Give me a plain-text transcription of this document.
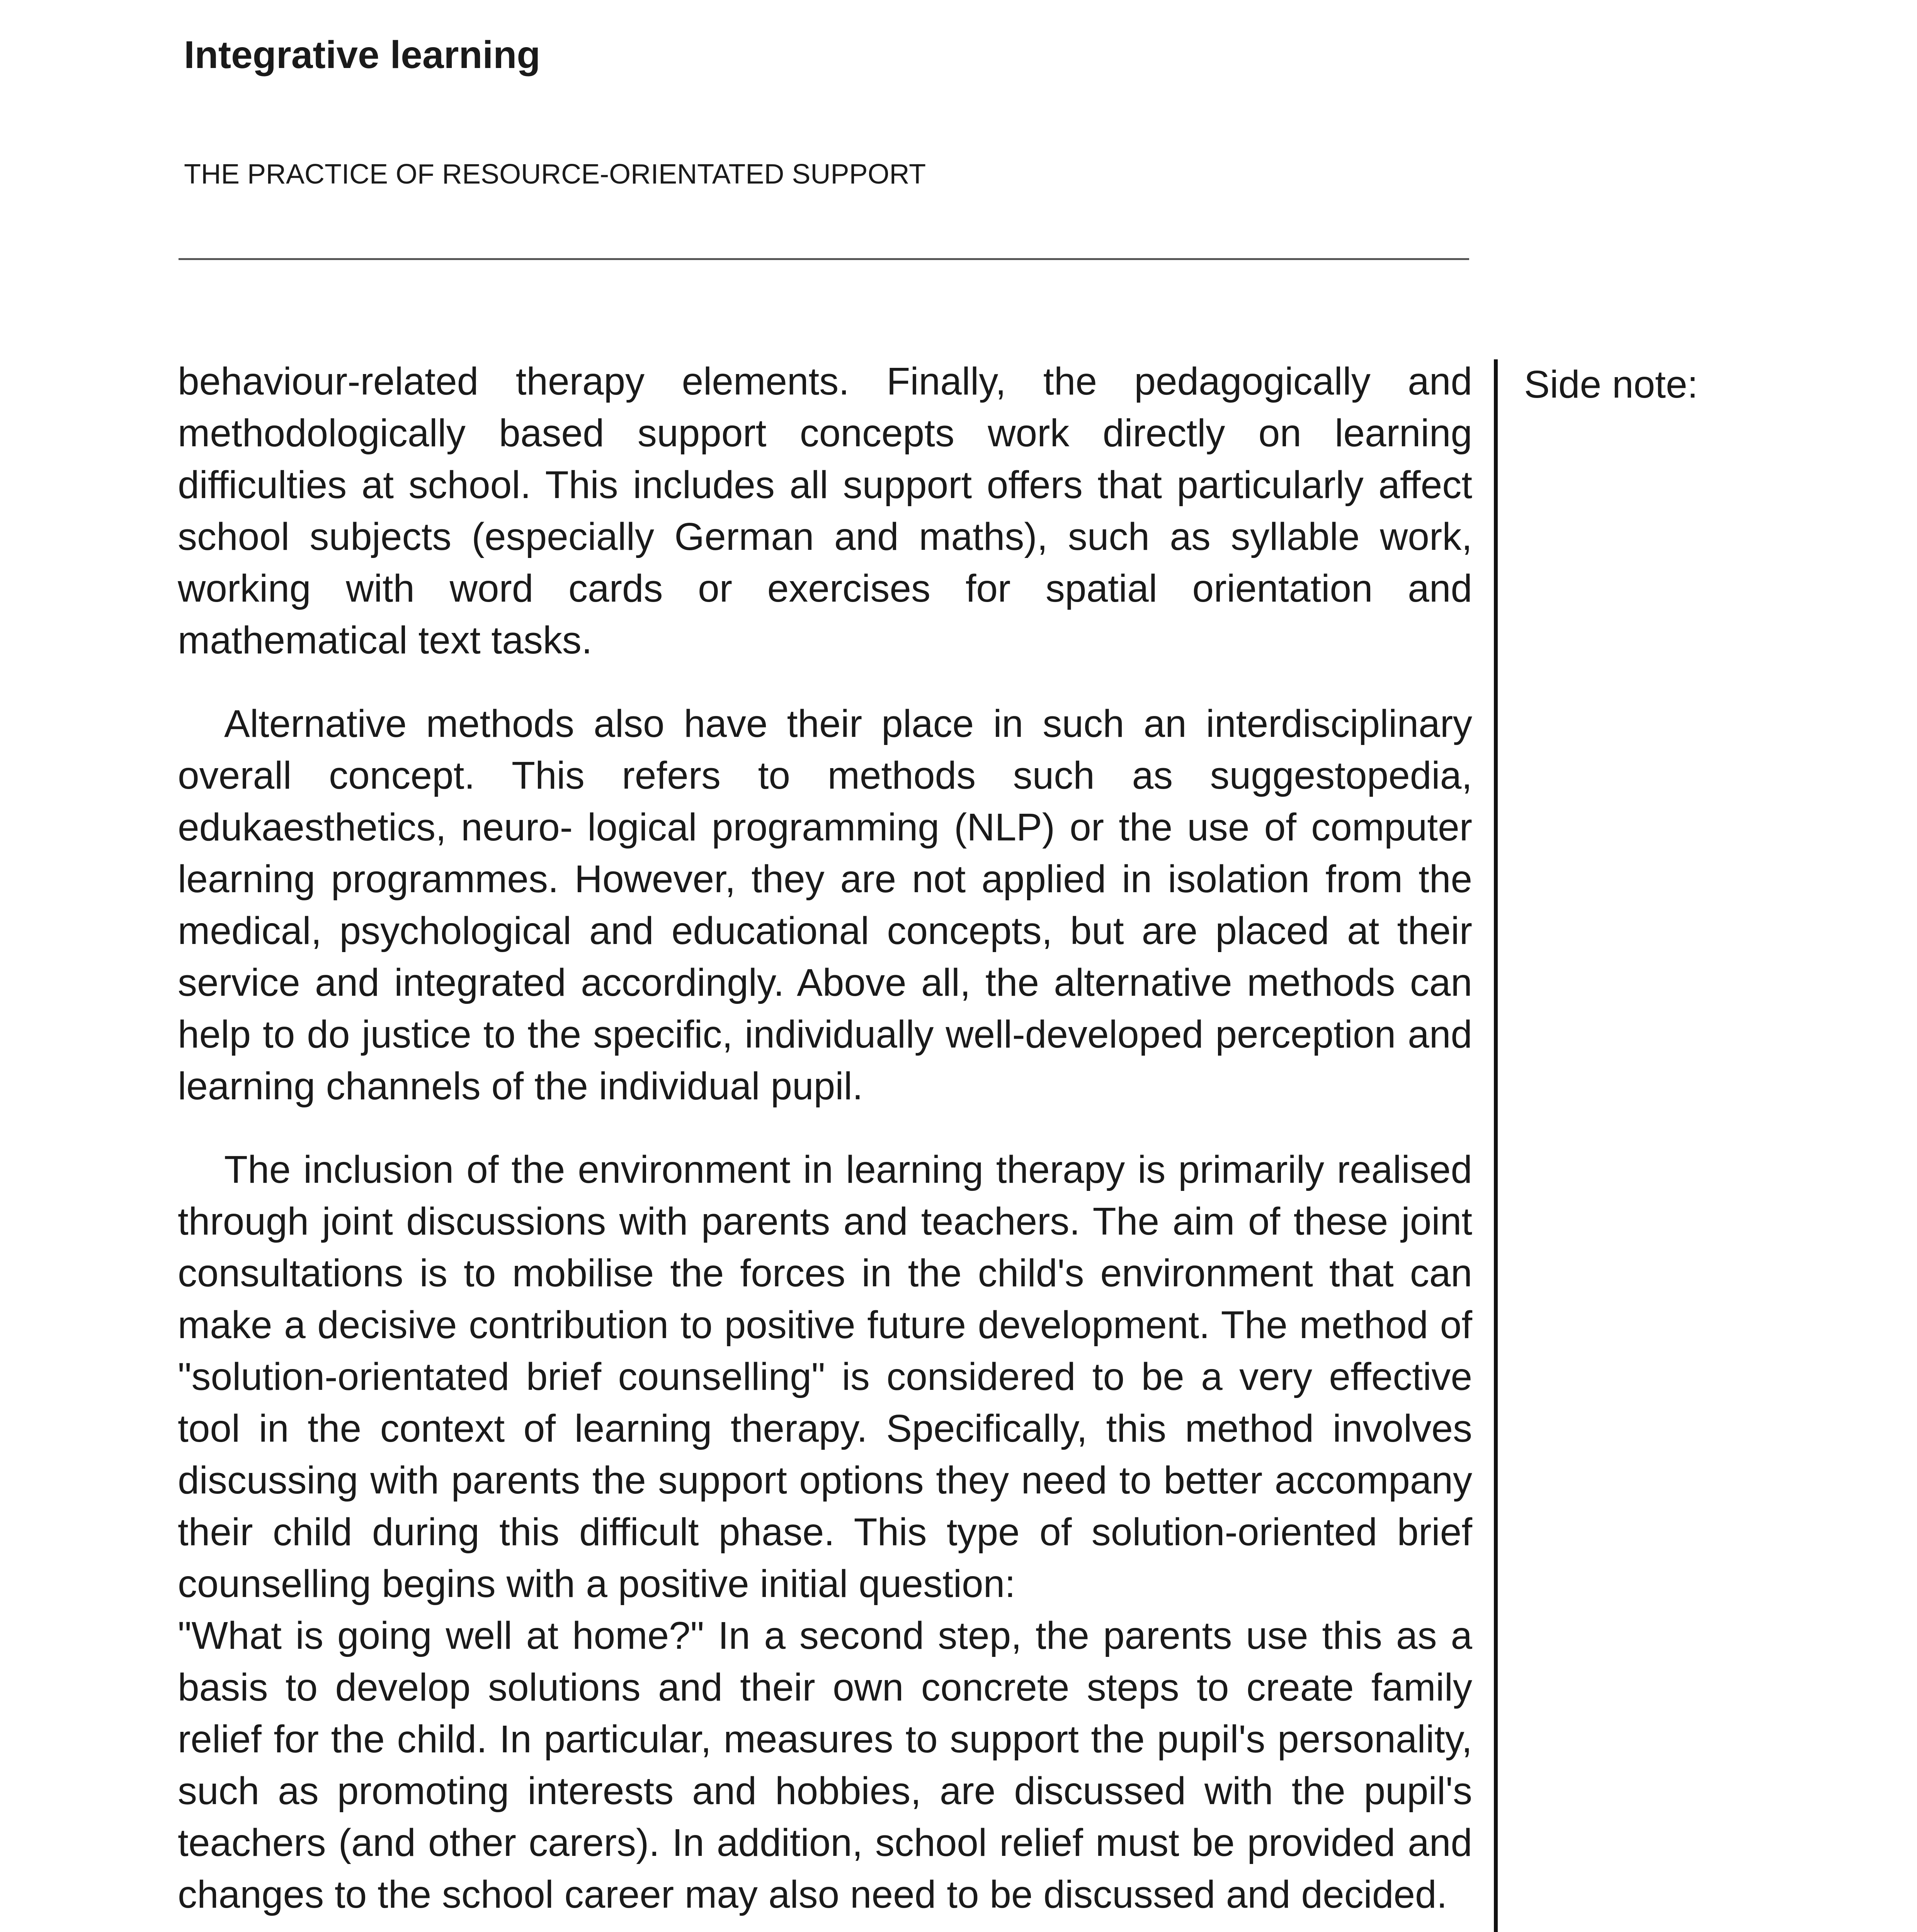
Integrative learning
THE PRACTICE OF RESOURCE-ORIENTATED SUPPORT

behaviour-related therapy elements. Finally, the pedagogically and methodologically based support concepts work directly on learning difficulties at school. This includes all support offers that particularly affect school subjects (especially German and maths), such as syllable work, working with word cards or exercises for spatial orientation and mathematical text tasks.

Alternative methods also have their place in such an interdisciplinary overall concept. This refers to methods such as suggestopedia, edukaesthetics, neuro- logical programming (NLP) or the use of computer learning programmes. However, they are not applied in isolation from the medical, psychological and educational concepts, but are placed at their service and integrated accordingly. Above all, the alternative methods can help to do justice to the specific, individually well-developed perception and learning channels of the individual pupil.

The inclusion of the environment in learning therapy is primarily realised through joint discussions with parents and teachers. The aim of these joint consultations is to mobilise the forces in the child's environment that can make a decisive contribution to positive future development. The method of "solution-orientated brief counselling" is considered to be a very effective tool in the context of learning therapy. Specifically, this method involves discussing with parents the support options they need to better accompany their child during this difficult phase. This type of solution-oriented brief counselling begins with a positive initial question:

"What is going well at home?" In a second step, the parents use this as a basis to develop solutions and their own concrete steps to create family relief for the child. In particular, measures to support the pupil's personality, such as promoting interests and hobbies, are discussed with the pupil's teachers (and other carers). In addition, school relief must be provided and changes to the school career may also need to be discussed and decided.

Side note:
